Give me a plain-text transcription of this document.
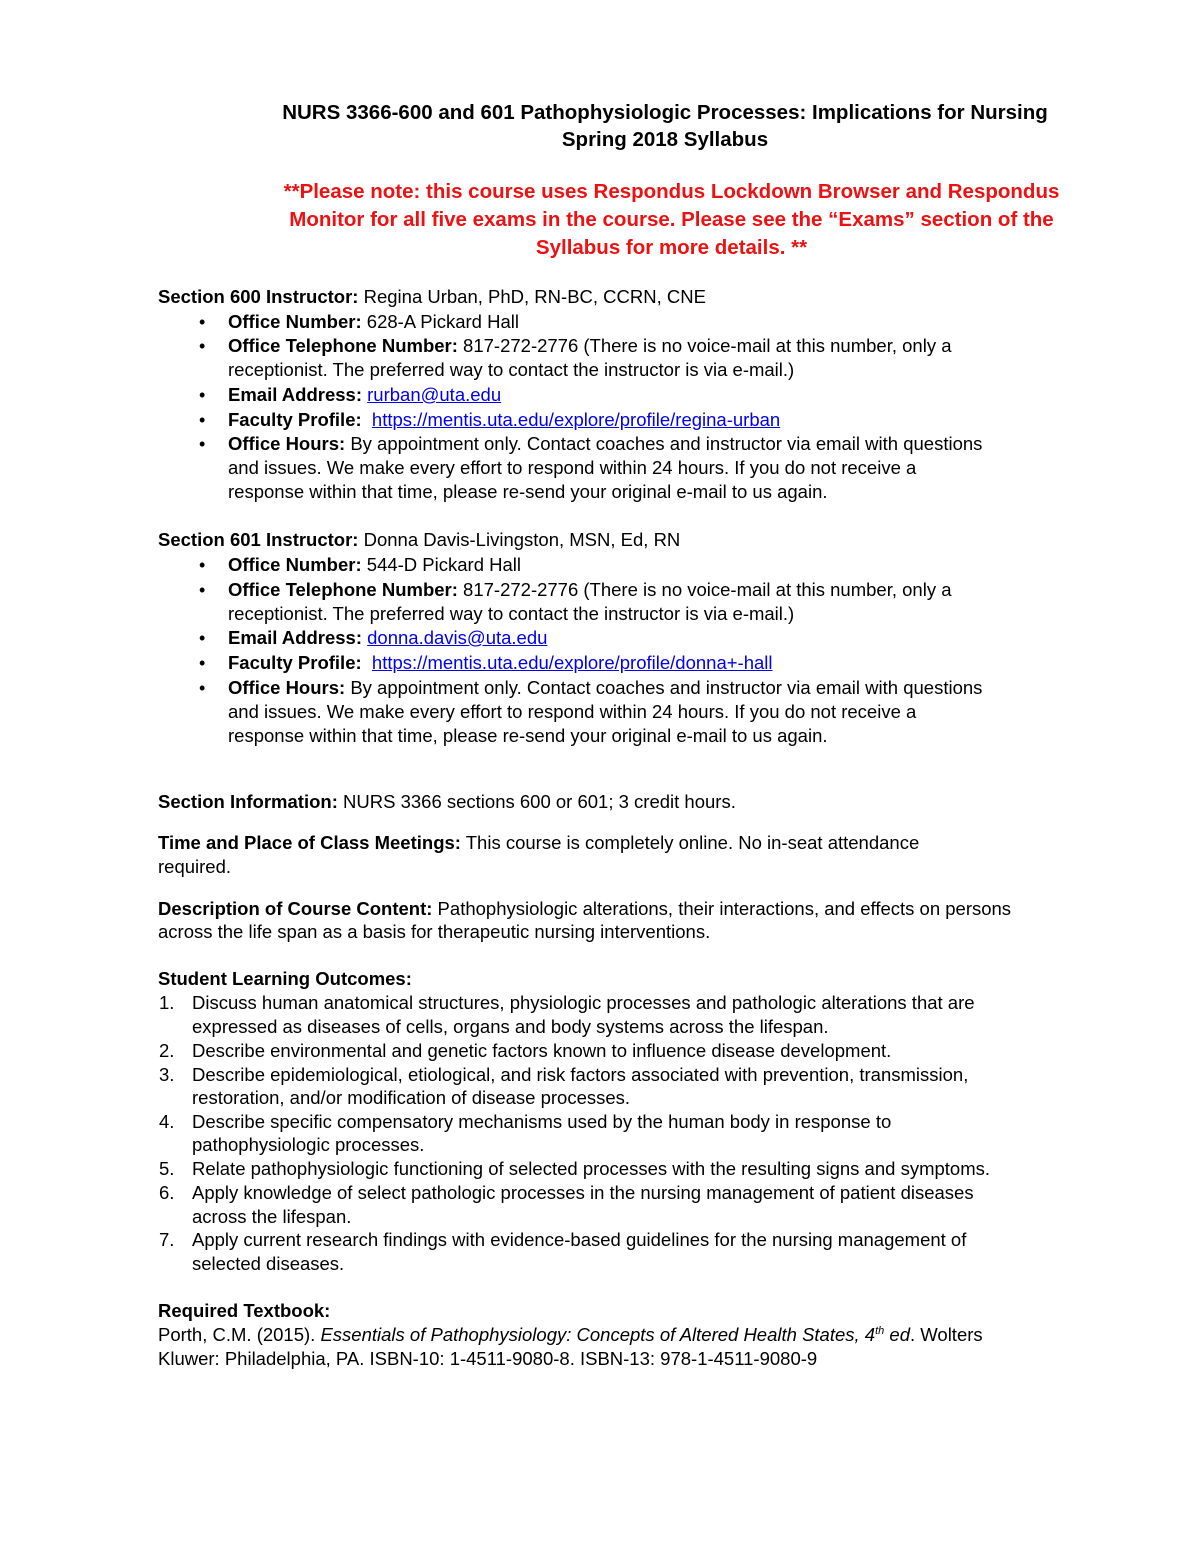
NURS 3366-600 and 601 Pathophysiologic Processes: Implications for Nursing
Spring 2018 Syllabus
**Please note: this course uses Respondus Lockdown Browser and Respondus
Monitor for all five exams in the course. Please see the “Exams” section of the
Syllabus for more details. **
Section 600 Instructor: Regina Urban, PhD, RN-BC, CCRN, CNE
• Office Number: 628-A Pickard Hall
• Office Telephone Number: 817-272-2776 (There is no voice-mail at this number, only a
receptionist. The preferred way to contact the instructor is via e-mail.)
• Email Address: rurban@uta.edu
• Faculty Profile: https://mentis.uta.edu/explore/profile/regina-urban
• Office Hours: By appointment only. Contact coaches and instructor via email with questions
and issues. We make every effort to respond within 24 hours. If you do not receive a
response within that time, please re-send your original e-mail to us again.
Section 601 Instructor: Donna Davis-Livingston, MSN, Ed, RN
• Office Number: 544-D Pickard Hall
• Office Telephone Number: 817-272-2776 (There is no voice-mail at this number, only a
receptionist. The preferred way to contact the instructor is via e-mail.)
• Email Address: donna.davis@uta.edu
• Faculty Profile: https://mentis.uta.edu/explore/profile/donna+-hall
• Office Hours: By appointment only. Contact coaches and instructor via email with questions
and issues. We make every effort to respond within 24 hours. If you do not receive a
response within that time, please re-send your original e-mail to us again.
Section Information: NURS 3366 sections 600 or 601; 3 credit hours.
Time and Place of Class Meetings: This course is completely online. No in-seat attendance
required.
Description of Course Content: Pathophysiologic alterations, their interactions, and effects on persons
across the life span as a basis for therapeutic nursing interventions.
Student Learning Outcomes:
1. Discuss human anatomical structures, physiologic processes and pathologic alterations that are
expressed as diseases of cells, organs and body systems across the lifespan.
2. Describe environmental and genetic factors known to influence disease development.
3. Describe epidemiological, etiological, and risk factors associated with prevention, transmission,
restoration, and/or modification of disease processes.
4. Describe specific compensatory mechanisms used by the human body in response to
pathophysiologic processes.
5. Relate pathophysiologic functioning of selected processes with the resulting signs and symptoms.
6. Apply knowledge of select pathologic processes in the nursing management of patient diseases
across the lifespan.
7. Apply current research findings with evidence-based guidelines for the nursing management of
selected diseases.
Required Textbook:
Porth, C.M. (2015). Essentials of Pathophysiology: Concepts of Altered Health States, 4th ed. Wolters
Kluwer: Philadelphia, PA. ISBN-10: 1-4511-9080-8. ISBN-13: 978-1-4511-9080-9
